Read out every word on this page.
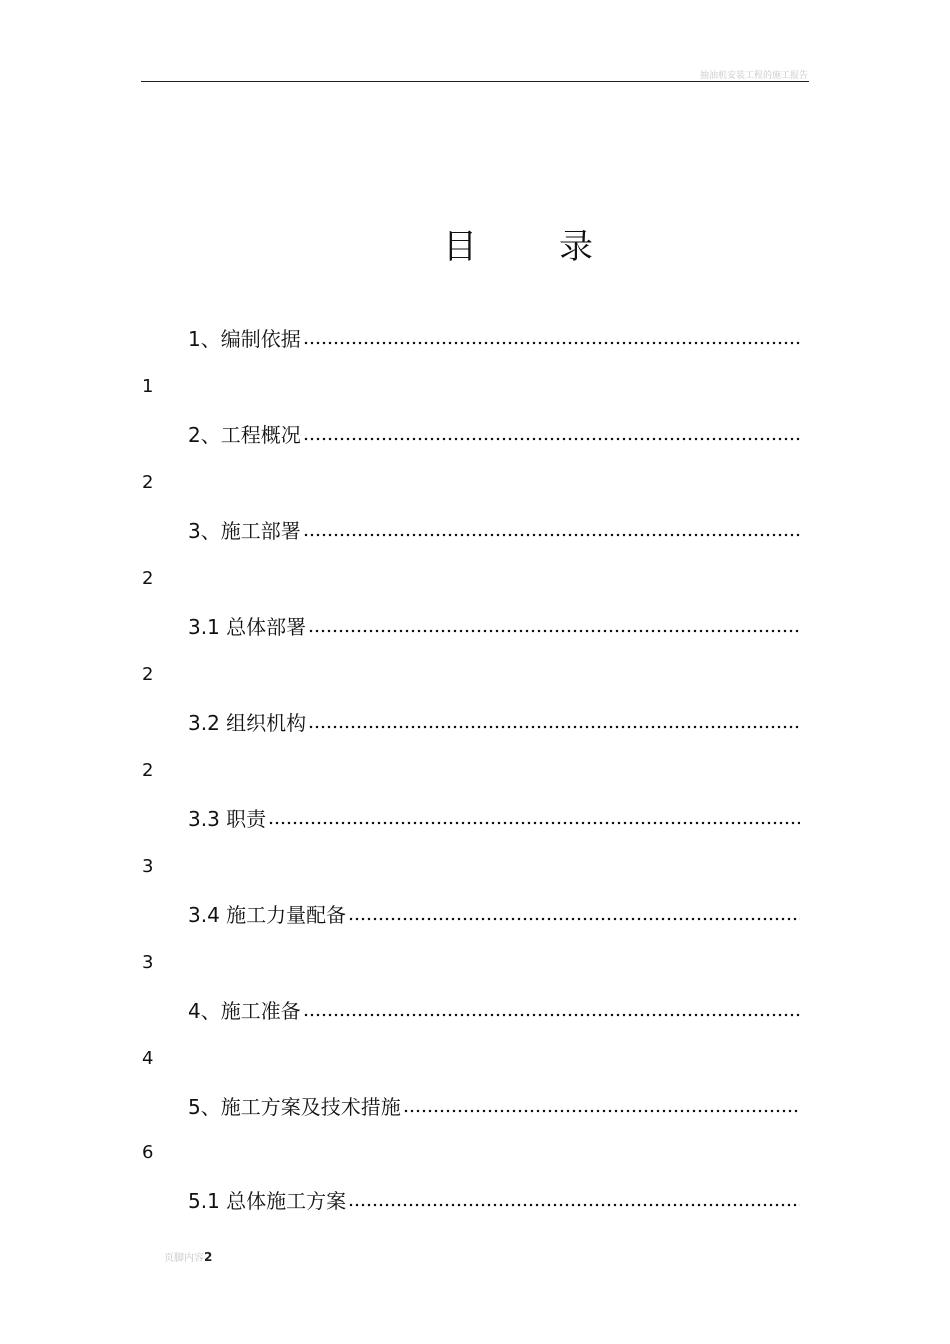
抽油机安装工程的施工报告
目 录
1、编制依据
1
2、工程概况
2
3、施工部署
2
3.1 总体部署
2
3.2 组织机构
2
3.3 职责
3
3.4 施工力量配备
3
4、施工准备
4
5、施工方案及技术措施
6
5.1 总体施工方案
页脚内容2
